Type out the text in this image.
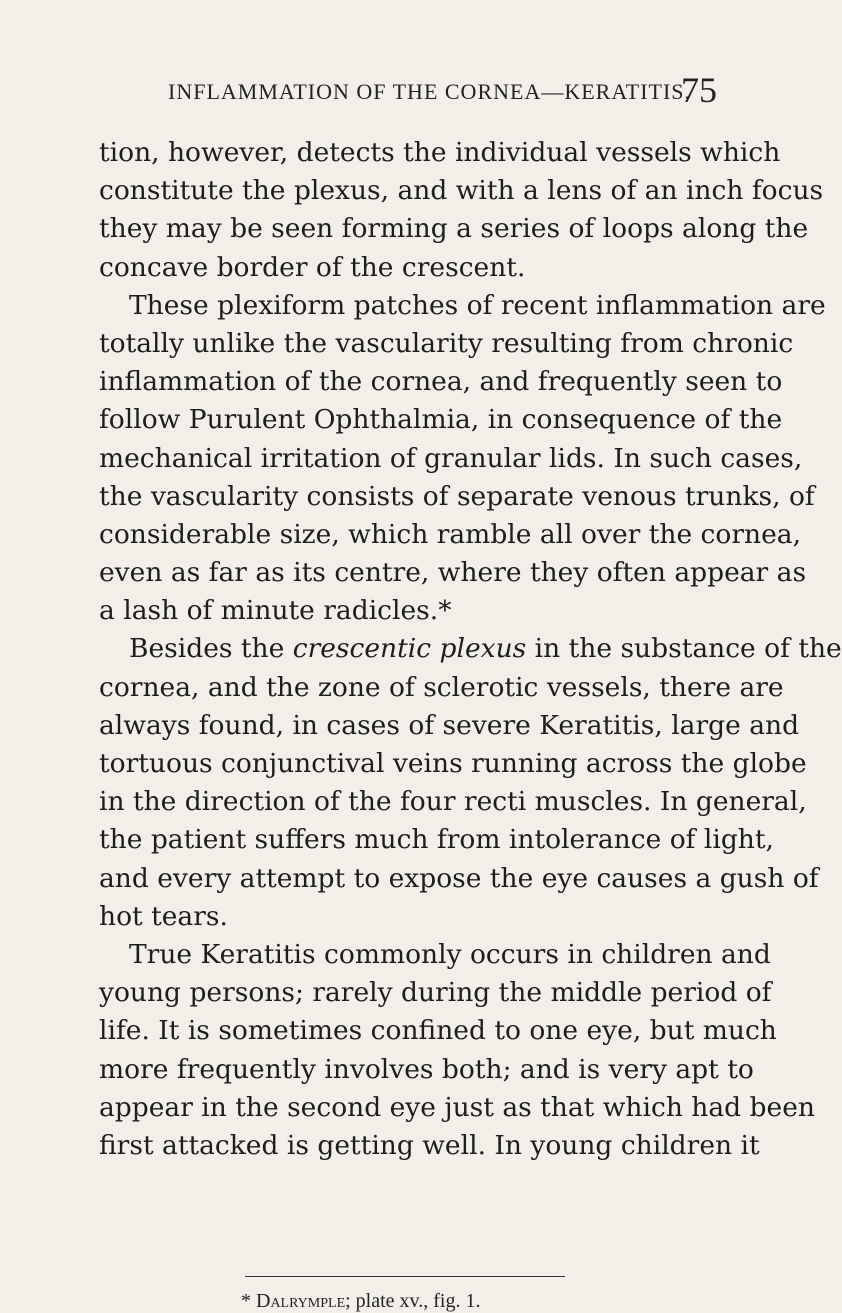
INFLAMMATION OF THE CORNEA—KERATITIS.
75
tion, however, detects the individual vessels which
constitute the plexus, and with a lens of an inch focus
they may be seen forming a series of loops along the
concave border of the crescent.
These plexiform patches of recent inflammation are
totally unlike the vascularity resulting from chronic
inflammation of the cornea, and frequently seen to
follow Purulent Ophthalmia, in consequence of the
mechanical irritation of granular lids. In such cases,
the vascularity consists of separate venous trunks, of
considerable size, which ramble all over the cornea,
even as far as its centre, where they often appear as
a lash of minute radicles.*
Besides the crescentic plexus in the substance of the
cornea, and the zone of sclerotic vessels, there are
always found, in cases of severe Keratitis, large and
tortuous conjunctival veins running across the globe
in the direction of the four recti muscles. In general,
the patient suffers much from intolerance of light,
and every attempt to expose the eye causes a gush of
hot tears.
True Keratitis commonly occurs in children and
young persons; rarely during the middle period of
life. It is sometimes confined to one eye, but much
more frequently involves both; and is very apt to
appear in the second eye just as that which had been
first attacked is getting well. In young children it
* Dalrymple; plate xv., fig. 1.
